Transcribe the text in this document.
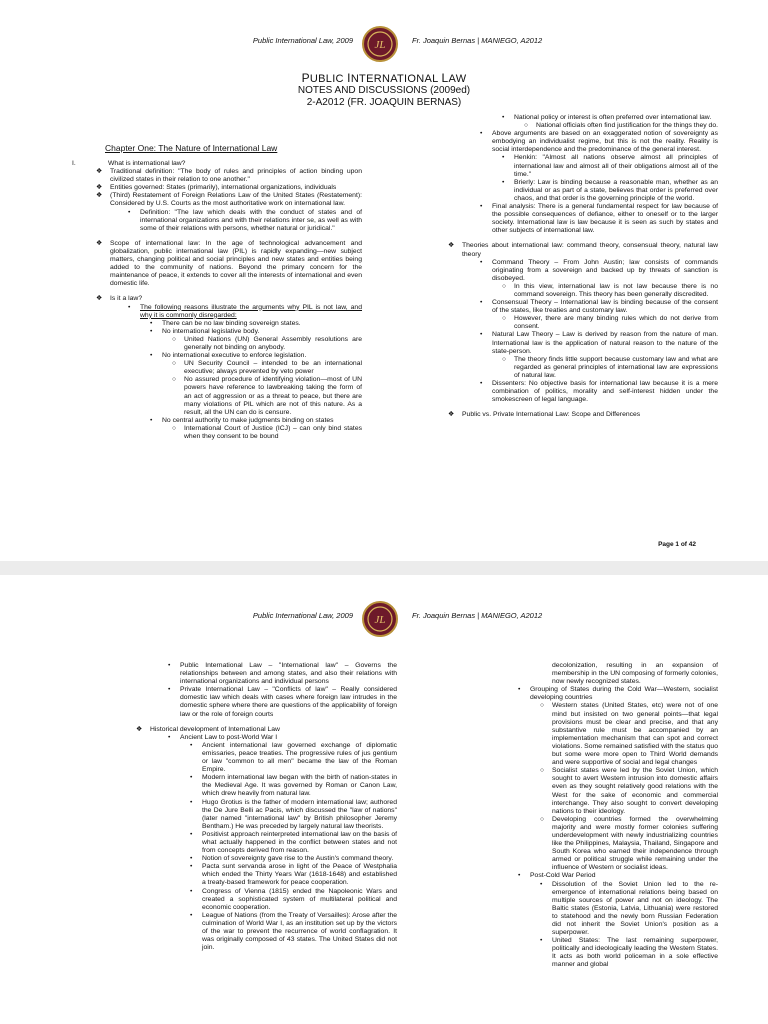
Public International Law, 2009 JL	Fr. Joaquin Bernas | MANIEGO, A2012
PUBLIC INTERNATIONAL LAW
NOTES AND DISCUSSIONS (2009ed)
2-A2012 (FR. JOAQUIN BERNAS)
Chapter One: The Nature of International Law
I.	What is international law?
❖	Traditional definition: "The body of rules and principles of action binding upon civilized states in their relation to one another."
❖	Entities governed: States (primarily), international organizations, individuals
❖	(Third) Restatement of Foreign Relations Law of the United States (Restatement): Considered by U.S. Courts as the most authoritative work on international law.
•	Definition: "The law which deals with the conduct of states and of international organizations and with their relations inter se, as well as with some of their relations with persons, whether natural or juridical."
❖	Scope of international law: In the age of technological advancement and globalization, public international law (PIL) is rapidly expanding—new subject matters, changing political and social principles and new states and entities being added to the community of nations. Beyond the primary concern for the maintenance of peace, it extends to cover all the interests of international and even domestic life.
❖	Is it a law?
•	The following reasons illustrate the arguments why PIL is not law, and why it is commonly disregarded:
•	There can be no law binding sovereign states.
•	No international legislative body.
○	United Nations (UN) General Assembly resolutions are generally not binding on anybody.
•	No international executive to enforce legislation.
○	UN Security Council – intended to be an international executive; always prevented by veto power
○	No assured procedure of identifying violation—most of UN powers have reference to lawbreaking taking the form of an act of aggression or as a threat to peace, but there are many violations of PIL which are not of this nature. As a result, all the UN can do is censure.
•	No central authority to make judgments binding on states
○	International Court of Justice (ICJ) – can only bind states when they consent to be bound
•	National policy or interest is often preferred over international law.
○	National officials often find justification for the things they do.
•	Above arguments are based on an exaggerated notion of sovereignty as embodying an individualist regime, but this is not the reality. Reality is social interdependence and the predominance of the general interest.
•	Henkin: "Almost all nations observe almost all principles of international law and almost all of their obligations almost all of the time."
•	Brierly: Law is binding because a reasonable man, whether as an individual or as part of a state, believes that order is preferred over chaos, and that order is the governing principle of the world.
•	Final analysis: There is a general fundamental respect for law because of the possible consequences of defiance, either to oneself or to the larger society. International law is law because it is seen as such by states and other subjects of international law.
❖	Theories about international law: command theory, consensual theory, natural law theory
•	Command Theory – From John Austin; law consists of commands originating from a sovereign and backed up by threats of sanction is disobeyed.
○	In this view, international law is not law because there is no command sovereign. This theory has been generally discredited.
•	Consensual Theory – International law is binding because of the consent of the states, like treaties and customary law.
○	However, there are many binding rules which do not derive from consent.
•	Natural Law Theory – Law is derived by reason from the nature of man. International law is the application of natural reason to the nature of the state-person.
○	The theory finds little support because customary law and what are regarded as general principles of international law are expressions of natural law.
•	Dissenters: No objective basis for international law because it is a mere combination of politics, morality and self-interest hidden under the smokescreen of legal language.
❖	Public vs. Private International Law: Scope and Differences
Page 1 of 42
Public International Law, 2009 JL	Fr. Joaquin Bernas | MANIEGO, A2012
•	Public International Law – "International law" – Governs the relationships between and among states, and also their relations with international organizations and individual persons
•	Private International Law – "Conflicts of law" – Really considered domestic law which deals with cases where foreign law intrudes in the domestic sphere where there are questions of the applicability of foreign law or the role of foreign courts
❖	Historical development of International Law
•	Ancient Law to post-World War I
•	Ancient international law governed exchange of diplomatic emissaries, peace treaties. The progressive rules of jus gentium or law "common to all men" became the law of the Roman Empire.
•	Modern international law began with the birth of nation-states in the Medieval Age. It was governed by Roman or Canon Law, which drew heavily from natural law.
•	Hugo Grotius is the father of modern international law; authored the De Jure Belli ac Pacis, which discussed the "law of nations" (later named "international law" by British philosopher Jeremy Bentham.) He was preceded by largely natural law theorists.
•	Positivist approach reinterpreted international law on the basis of what actually happened in the conflict between states and not from concepts derived from reason.
•	Notion of sovereignty gave rise to the Austin's command theory.
•	Pacta sunt servanda arose in light of the Peace of Westphalia which ended the Thirty Years War (1618-1648) and established a treaty-based framework for peace cooperation.
•	Congress of Vienna (1815) ended the Napoleonic Wars and created a sophisticated system of multilateral political and economic cooperation.
•	League of Nations (from the Treaty of Versailles): Arose after the culmination of World War I, as an institution set up by the victors of the war to prevent the recurrence of world conflagration. It was originally composed of 43 states. The United States did not join.
decolonization, resulting in an expansion of membership in the UN composing of formerly colonies, now newly recognized states.
•	Grouping of States during the Cold War—Western, socialist developing countries
○	Western states (United States, etc) were not of one mind but insisted on two general points—that legal provisions must be clear and precise, and that any substantive rule must be accompanied by an implementation mechanism that can spot and correct violations. Some remained satisfied with the status quo but some were more open to Third World demands and were supportive of social and legal changes
○	Socialist states were led by the Soviet Union, which sought to avert Western intrusion into domestic affairs even as they sought relatively good relations with the West for the sake of economic and commercial interchange. They also sought to convert developing nations to their ideology.
○	Developing countries formed the overwhelming majority and were mostly former colonies suffering underdevelopment with newly industrializing countries like the Philippines, Malaysia, Thailand, Singapore and South Korea who earned their independence through armed or political struggle while remaining under the influence of Western or socialist ideas.
•	Post-Cold War Period
•	Dissolution of the Soviet Union led to the re-emergence of international relations being based on multiple sources of power and not on ideology. The Baltic states (Estonia, Latvia, Lithuania) were restored to statehood and the newly born Russian Federation did not inherit the Soviet Union's position as a superpower.
•	United States: The last remaining superpower, politically and ideologically leading the Western States. It acts as both world policeman in a sole effective manner and global
